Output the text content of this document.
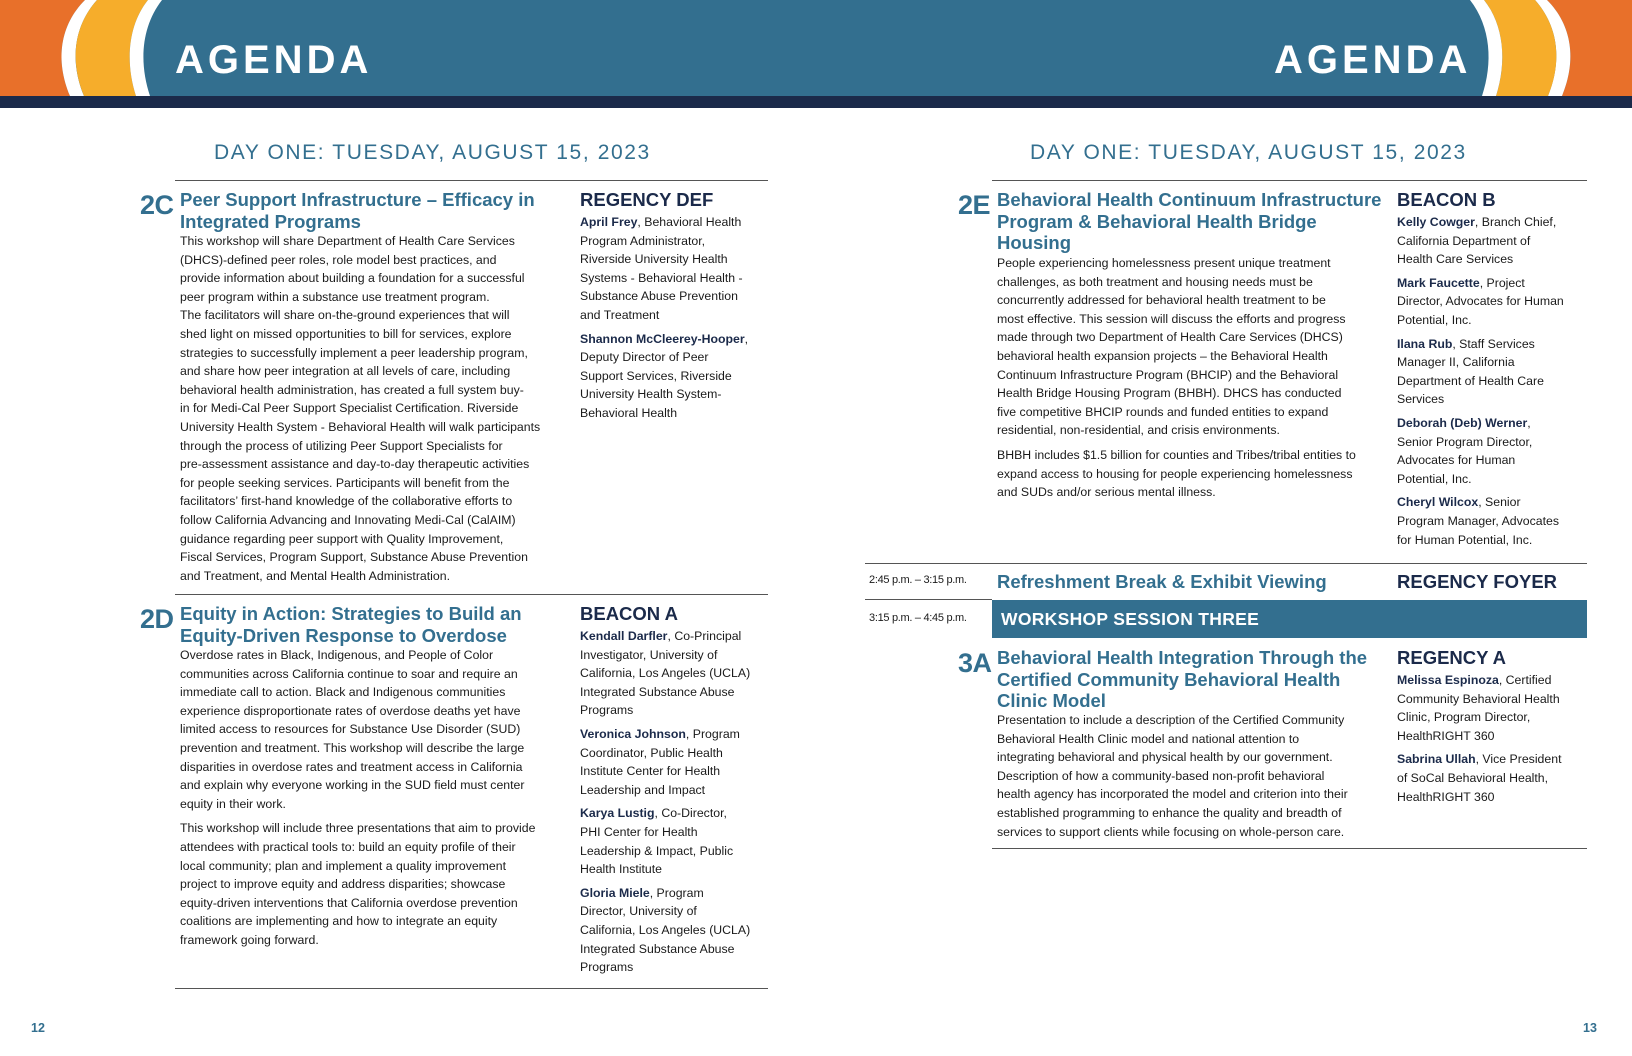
AGENDA	AGENDA
DAY ONE: TUESDAY, AUGUST 15, 2023
2C Peer Support Infrastructure – Efficacy in
Integrated Programs
This workshop will share Department of Health Care Services
(DHCS)-defined peer roles, role model best practices, and
provide information about building a foundation for a successful
peer program within a substance use treatment program.
The facilitators will share on-the-ground experiences that will
shed light on missed opportunities to bill for services, explore
strategies to successfully implement a peer leadership program,
and share how peer integration at all levels of care, including
behavioral health administration, has created a full system buy-
in for Medi-Cal Peer Support Specialist Certification. Riverside
University Health System - Behavioral Health will walk participants
through the process of utilizing Peer Support Specialists for
pre-assessment assistance and day-to-day therapeutic activities
for people seeking services. Participants will benefit from the
facilitators’ first-hand knowledge of the collaborative efforts to
follow California Advancing and Innovating Medi-Cal (CalAIM)
guidance regarding peer support with Quality Improvement,
Fiscal Services, Program Support, Substance Abuse Prevention
and Treatment, and Mental Health Administration.
REGENCY DEF
April Frey, Behavioral Health
Program Administrator,
Riverside University Health
Systems - Behavioral Health -
Substance Abuse Prevention
and Treatment
Shannon McCleerey-Hooper,
Deputy Director of Peer
Support Services, Riverside
University Health System-
Behavioral Health
2D Equity in Action: Strategies to Build an
Equity-Driven Response to Overdose

Overdose rates in Black, Indigenous, and People of Color
communities across California continue to soar and require an
immediate call to action. Black and Indigenous communities
experience disproportionate rates of overdose deaths yet have
limited access to resources for Substance Use Disorder (SUD)
prevention and treatment. This workshop will describe the large
disparities in overdose rates and treatment access in California
and explain why everyone working in the SUD field must center
equity in their work.

This workshop will include three presentations that aim to provide
attendees with practical tools to: build an equity profile of their
local community; plan and implement a quality improvement
project to improve equity and address disparities; showcase
equity-driven interventions that California overdose prevention
coalitions are implementing and how to integrate an equity
framework going forward.

BEACON A
Kendall Darfler, Co-Principal
Investigator, University of
California, Los Angeles (UCLA)
Integrated Substance Abuse
Programs
Veronica Johnson, Program
Coordinator, Public Health
Institute Center for Health
Leadership and Impact
Karya Lustig, Co-Director,
PHI Center for Health
Leadership & Impact, Public
Health Institute
Gloria Miele, Program
Director, University of
California, Los Angeles (UCLA)
Integrated Substance Abuse
Programs
12
DAY ONE: TUESDAY, AUGUST 15, 2023
2E Behavioral Health Continuum Infrastructure
Program & Behavioral Health Bridge
Housing

People experiencing homelessness present unique treatment
challenges, as both treatment and housing needs must be
concurrently addressed for behavioral health treatment to be
most effective. This session will discuss the efforts and progress
made through two Department of Health Care Services (DHCS)
behavioral health expansion projects – the Behavioral Health
Continuum Infrastructure Program (BHCIP) and the Behavioral
Health Bridge Housing Program (BHBH). DHCS has conducted
five competitive BHCIP rounds and funded entities to expand
residential, non-residential, and crisis environments.

BHBH includes $1.5 billion for counties and Tribes/tribal entities to
expand access to housing for people experiencing homelessness
and SUDs and/or serious mental illness.

BEACON B
Kelly Cowger, Branch Chief,
California Department of
Health Care Services
Mark Faucette, Project
Director, Advocates for Human
Potential, Inc.
Ilana Rub, Staff Services
Manager II, California
Department of Health Care
Services
Deborah (Deb) Werner,
Senior Program Director,
Advocates for Human
Potential, Inc.
Cheryl Wilcox, Senior
Program Manager, Advocates
for Human Potential, Inc.
2:45 p.m. – 3:15 p.m. Refreshment Break & Exhibit Viewing	REGENCY FOYER
3:15 p.m. – 4:45 p.m. WORKSHOP SESSION THREE
3A Behavioral Health Integration Through the
Certified Community Behavioral Health
Clinic Model
Presentation to include a description of the Certified Community
Behavioral Health Clinic model and national attention to
integrating behavioral and physical health by our government.
Description of how a community-based non-profit behavioral
health agency has incorporated the model and criterion into their
established programming to enhance the quality and breadth of
services to support clients while focusing on whole-person care.
REGENCY A
Melissa Espinoza, Certified
Community Behavioral Health
Clinic, Program Director,
HealthRIGHT 360
Sabrina Ullah, Vice President
of SoCal Behavioral Health,
HealthRIGHT 360
13
